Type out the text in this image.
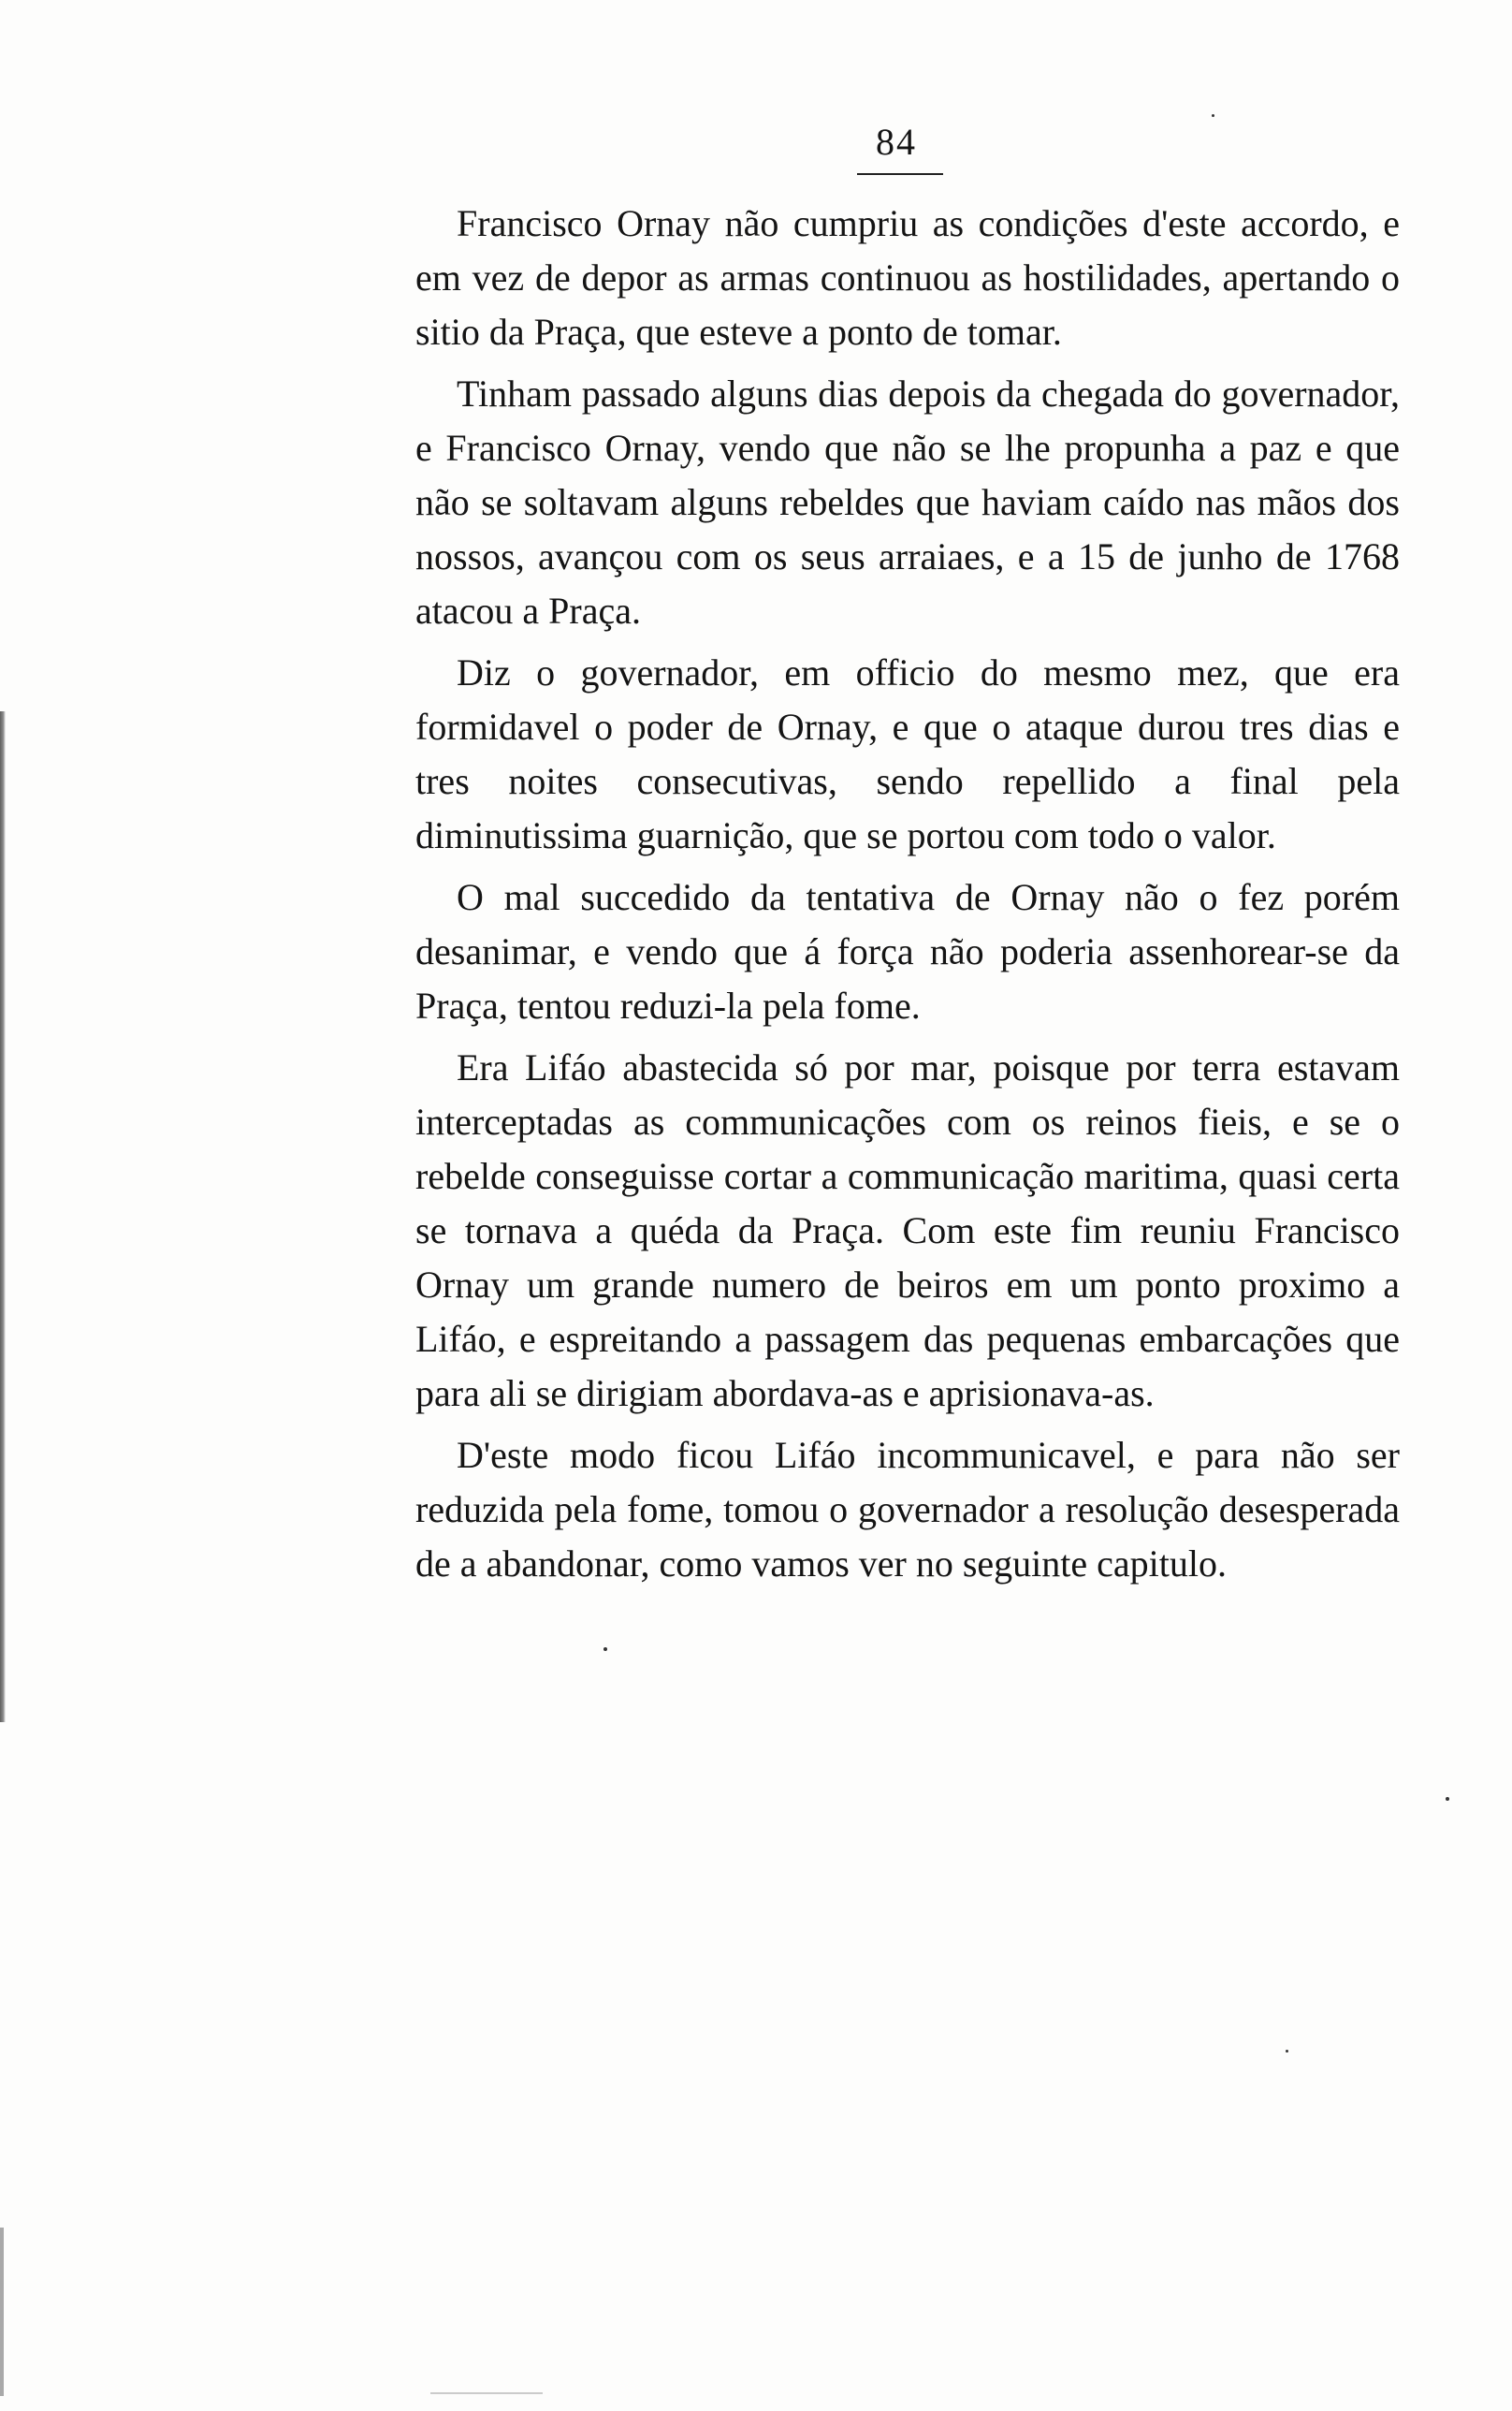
84

Francisco Ornay não cumpriu as condições d'este accordo, e em vez de depor as armas continuou as hostilidades, apertando o sitio da Praça, que esteve a ponto de tomar.

Tinham passado alguns dias depois da chegada do governador, e Francisco Ornay, vendo que não se lhe propunha a paz e que não se soltavam alguns rebeldes que haviam caído nas mãos dos nossos, avançou com os seus arraiaes, e a 15 de junho de 1768 atacou a Praça.

Diz o governador, em officio do mesmo mez, que era formidavel o poder de Ornay, e que o ataque durou tres dias e tres noites consecutivas, sendo repellido a final pela diminutissima guarnição, que se portou com todo o valor.

O mal succedido da tentativa de Ornay não o fez porém desanimar, e vendo que á força não poderia assenhorear-se da Praça, tentou reduzi-la pela fome.

Era Lifáo abastecida só por mar, poisque por terra estavam interceptadas as communicações com os reinos fieis, e se o rebelde conseguisse cortar a communicação maritima, quasi certa se tornava a quéda da Praça. Com este fim reuniu Francisco Ornay um grande numero de beiros em um ponto proximo a Lifáo, e espreitando a passagem das pequenas embarcações que para ali se dirigiam abordava-as e aprisionava-as.

D'este modo ficou Lifáo incommunicavel, e para não ser reduzida pela fome, tomou o governador a resolução desesperada de a abandonar, como vamos ver no seguinte capitulo.
